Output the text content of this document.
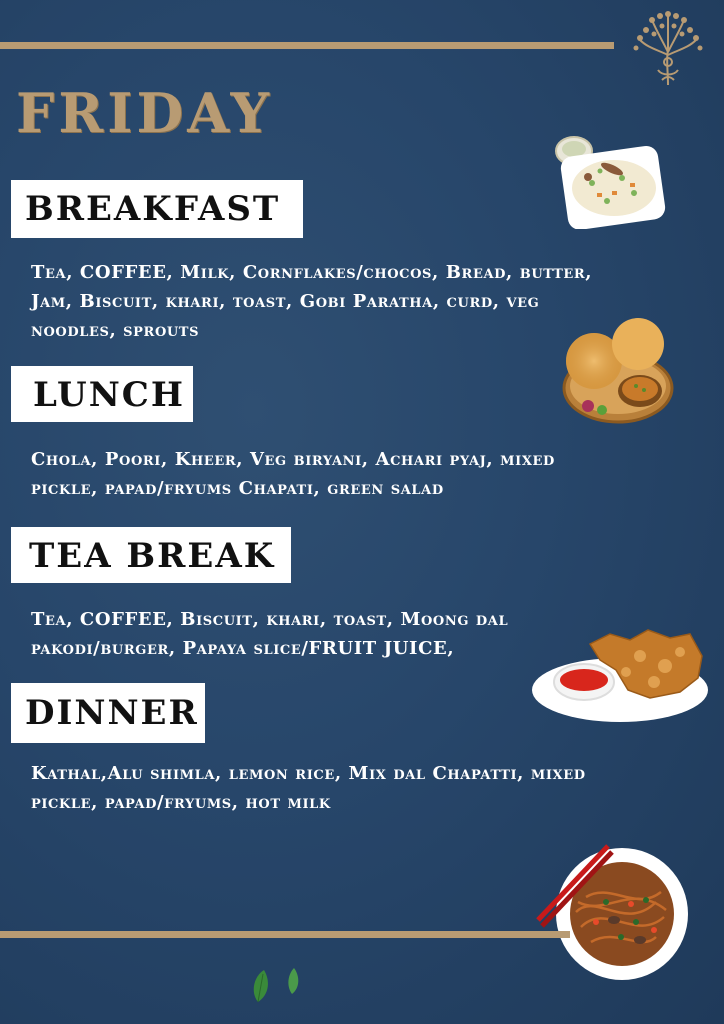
FRIDAY
BREAKFAST

Tea, COFFEE, Milk, Cornflakes/chocos, Bread, butter, Jam, Biscuit, khari, toast, Gobi Paratha, curd, veg noodles, sprouts

LUNCH

Chola, Poori, Kheer, Veg biryani, Achari pyaj, mixed pickle, papad/fryums Chapati, green salad

TEA BREAK

Tea, COFFEE, Biscuit, khari, toast, Moong dal pakodi/burger, Papaya slice/FRUIT JUICE,

DINNER

Kathal,Alu shimla, lemon rice, Mix dal Chapatti, mixed pickle, papad/fryums, hot milk
